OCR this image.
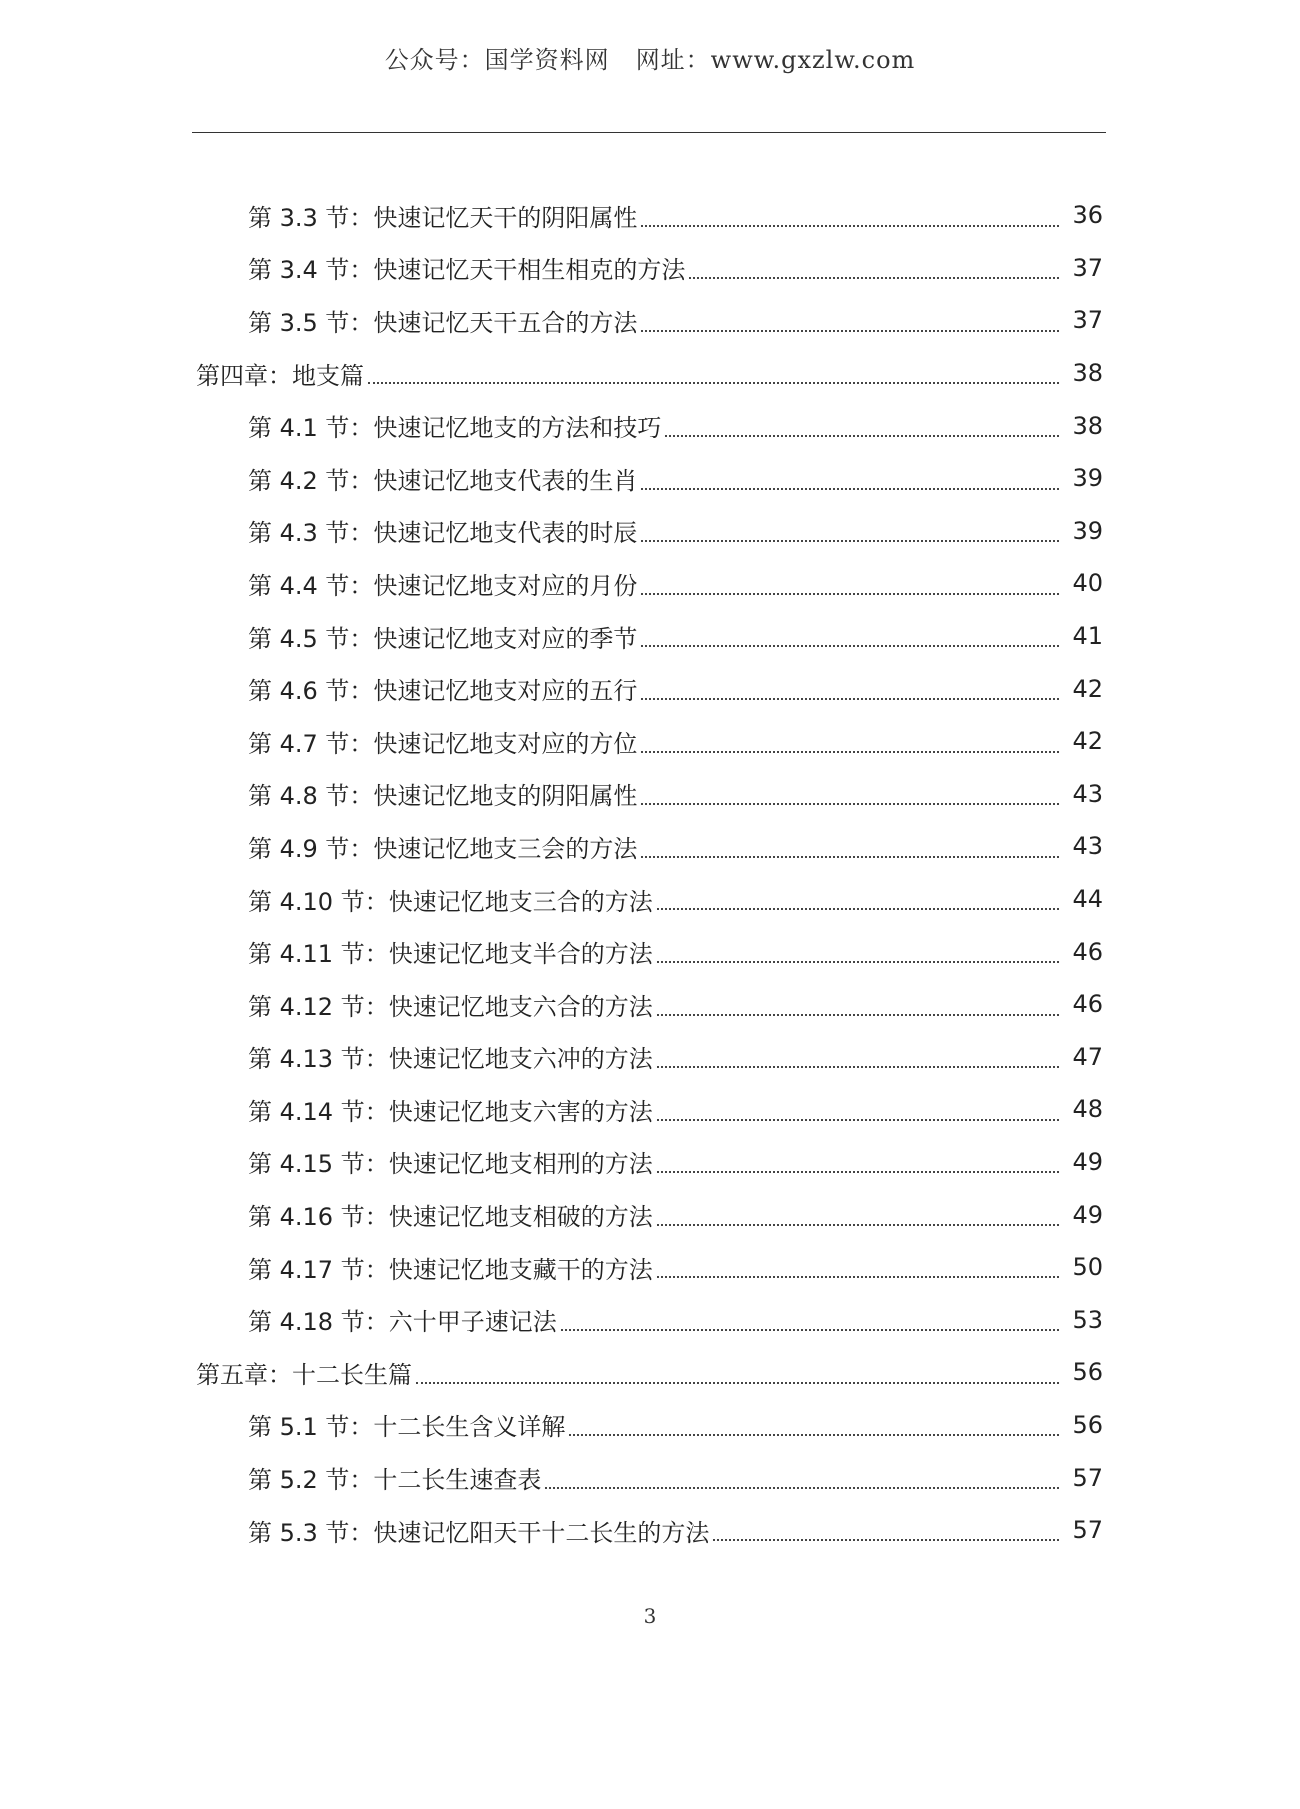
公众号：国学资料网 网址：www.gxzlw.com
第 3.3 节：快速记忆天干的阴阳属性	36
第 3.4 节：快速记忆天干相生相克的方法	37
第 3.5 节：快速记忆天干五合的方法	37
第四章：地支篇	38
第 4.1 节：快速记忆地支的方法和技巧	38
第 4.2 节：快速记忆地支代表的生肖	39
第 4.3 节：快速记忆地支代表的时辰	39
第 4.4 节：快速记忆地支对应的月份	40
第 4.5 节：快速记忆地支对应的季节	41
第 4.6 节：快速记忆地支对应的五行	42
第 4.7 节：快速记忆地支对应的方位	42
第 4.8 节：快速记忆地支的阴阳属性	43
第 4.9 节：快速记忆地支三会的方法	43
第 4.10 节：快速记忆地支三合的方法	44
第 4.11 节：快速记忆地支半合的方法	46
第 4.12 节：快速记忆地支六合的方法	46
第 4.13 节：快速记忆地支六冲的方法	47
第 4.14 节：快速记忆地支六害的方法	48
第 4.15 节：快速记忆地支相刑的方法	49
第 4.16 节：快速记忆地支相破的方法	49
第 4.17 节：快速记忆地支藏干的方法	50
第 4.18 节：六十甲子速记法	53
第五章：十二长生篇	56
第 5.1 节：十二长生含义详解	56
第 5.2 节：十二长生速查表	57
第 5.3 节：快速记忆阳天干十二长生的方法	57
3
